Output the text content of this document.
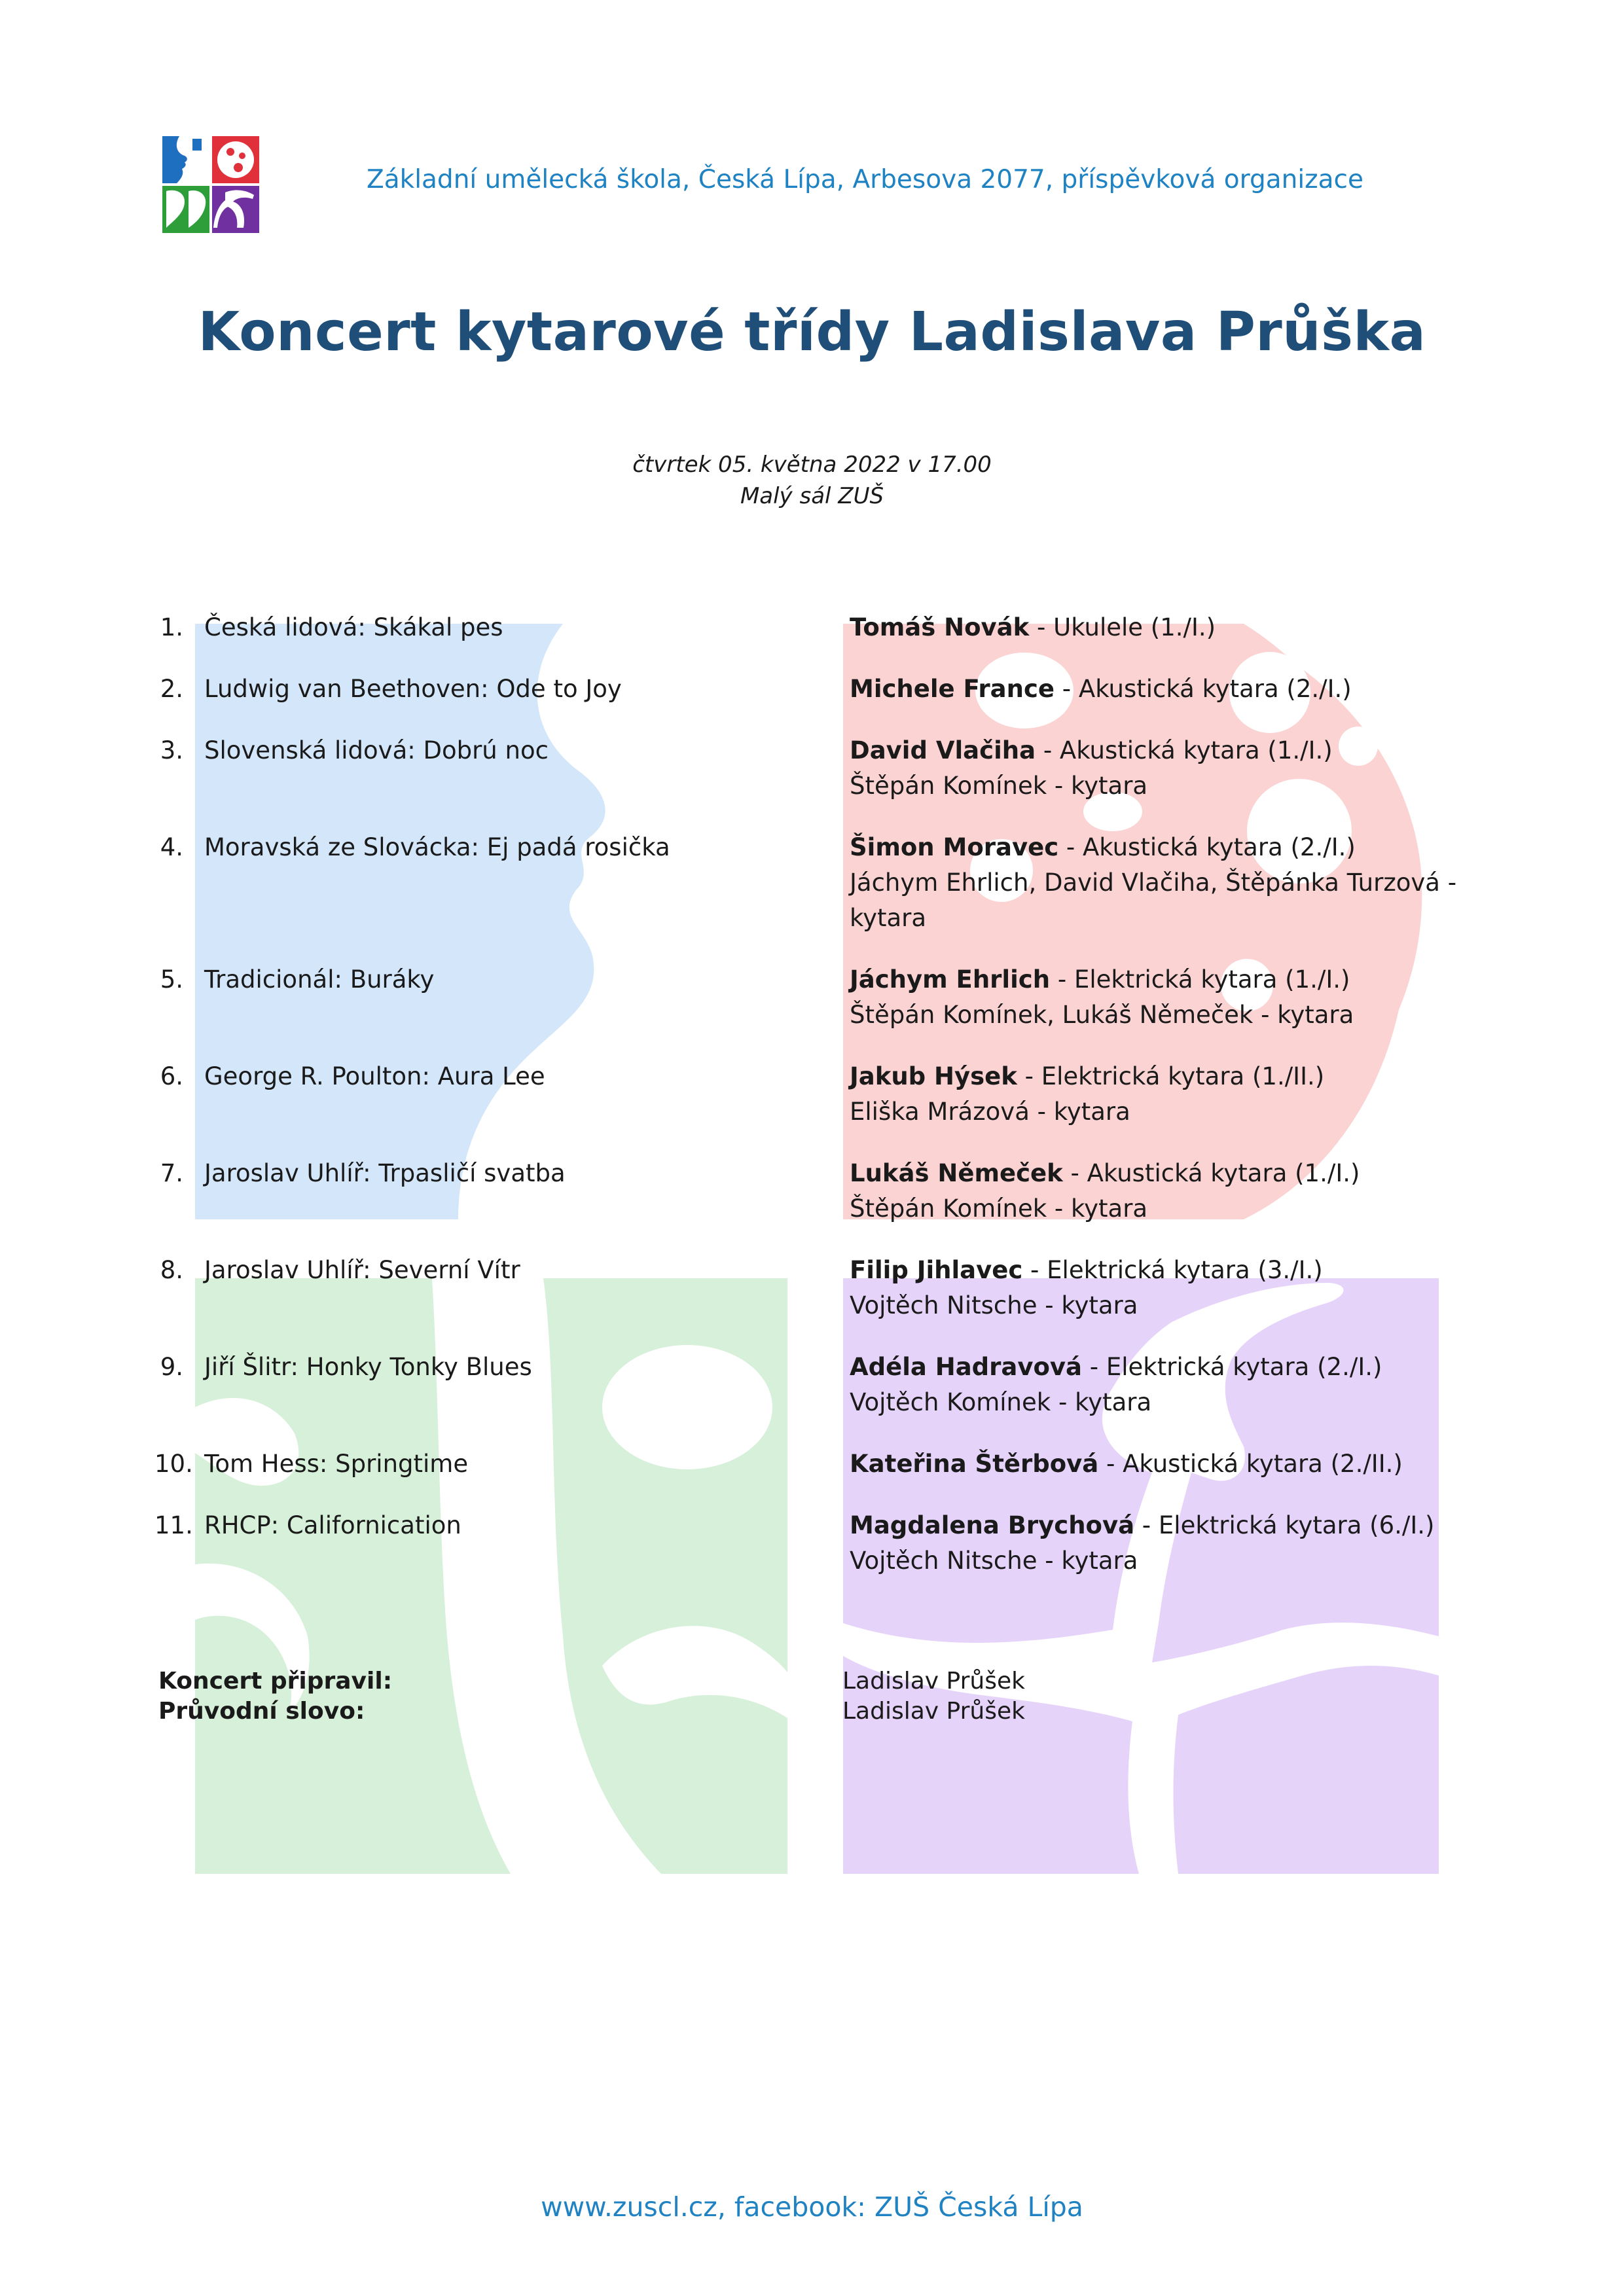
Základní umělecká škola, Česká Lípa, Arbesova 2077, příspěvková organizace
Koncert kytarové třídy Ladislava Průška
čtvrtek 05. května 2022 v 17.00
Malý sál ZUŠ
1. Česká lidová: Skákal pes	Tomáš Novák - Ukulele (1./I.)
2. Ludwig van Beethoven: Ode to Joy	Michele France - Akustická kytara (2./I.)
3. Slovenská lidová: Dobrú noc	David Vlačiha - Akustická kytara (1./I.)
Štěpán Komínek - kytara
4. Moravská ze Slovácka: Ej padá rosička	Šimon Moravec - Akustická kytara (2./I.)
Jáchym Ehrlich, David Vlačiha, Štěpánka Turzová - kytara
5. Tradicionál: Buráky	Jáchym Ehrlich - Elektrická kytara (1./I.)
Štěpán Komínek, Lukáš Němeček - kytara
6. George R. Poulton: Aura Lee	Jakub Hýsek - Elektrická kytara (1./II.)
Eliška Mrázová - kytara
7. Jaroslav Uhlíř: Trpasličí svatba	Lukáš Němeček - Akustická kytara (1./I.)
Štěpán Komínek - kytara
8. Jaroslav Uhlíř: Severní Vítr	Filip Jihlavec - Elektrická kytara (3./I.)
Vojtěch Nitsche - kytara
9. Jiří Šlitr: Honky Tonky Blues	Adéla Hadravová - Elektrická kytara (2./I.)
Vojtěch Komínek - kytara
10. Tom Hess: Springtime	Kateřina Štěrbová - Akustická kytara (2./II.)
11. RHCP: Californication	Magdalena Brychová - Elektrická kytara (6./I.)
Vojtěch Nitsche - kytara
Koncert připravil:	Ladislav Průšek
Průvodní slovo:	Ladislav Průšek
www.zuscl.cz, facebook: ZUŠ Česká Lípa
